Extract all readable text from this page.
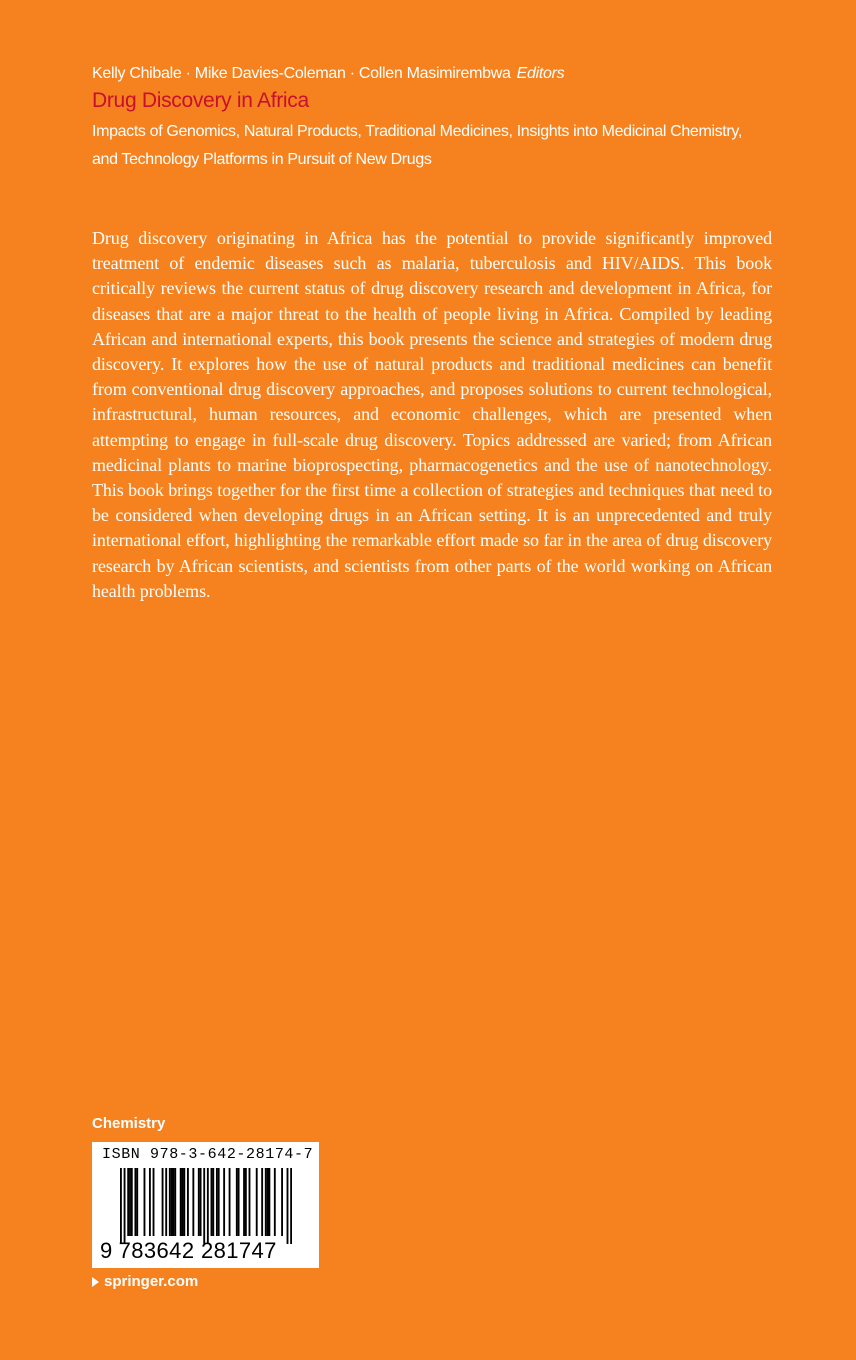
Kelly Chibale · Mike Davies-Coleman · Collen Masimirembwa Editors
Drug Discovery in Africa
Impacts of Genomics, Natural Products, Traditional Medicines, Insights into Medicinal Chemistry,
and Technology Platforms in Pursuit of New Drugs
Drug discovery originating in Africa has the potential to provide significantly improved treatment of endemic diseases such as malaria, tuberculosis and HIV/AIDS. This book critically reviews the current status of drug discovery research and development in Africa, for diseases that are a major threat to the health of people living in Africa. Compiled by leading African and international experts, this book presents the science and strategies of modern drug discovery. It explores how the use of natural products and traditional medicines can benefit from conventional drug discovery approaches, and proposes solutions to current technological, infrastructural, human resources, and economic challenges, which are presented when attempting to engage in full-scale drug discovery. Topics addressed are varied; from African medicinal plants to marine bioprospecting, pharmacogenetics and the use of nanotechnology. This book brings together for the first time a collection of strategies and techniques that need to be considered when developing drugs in an African setting. It is an unprecedented and truly international effort, highlighting the remarkable effort made so far in the area of drug discovery research by African scientists, and scientists from other parts of the world working on African health problems.
Chemistry
ISBN 978-3-642-28174-7
9 783642 281747
springer.com
